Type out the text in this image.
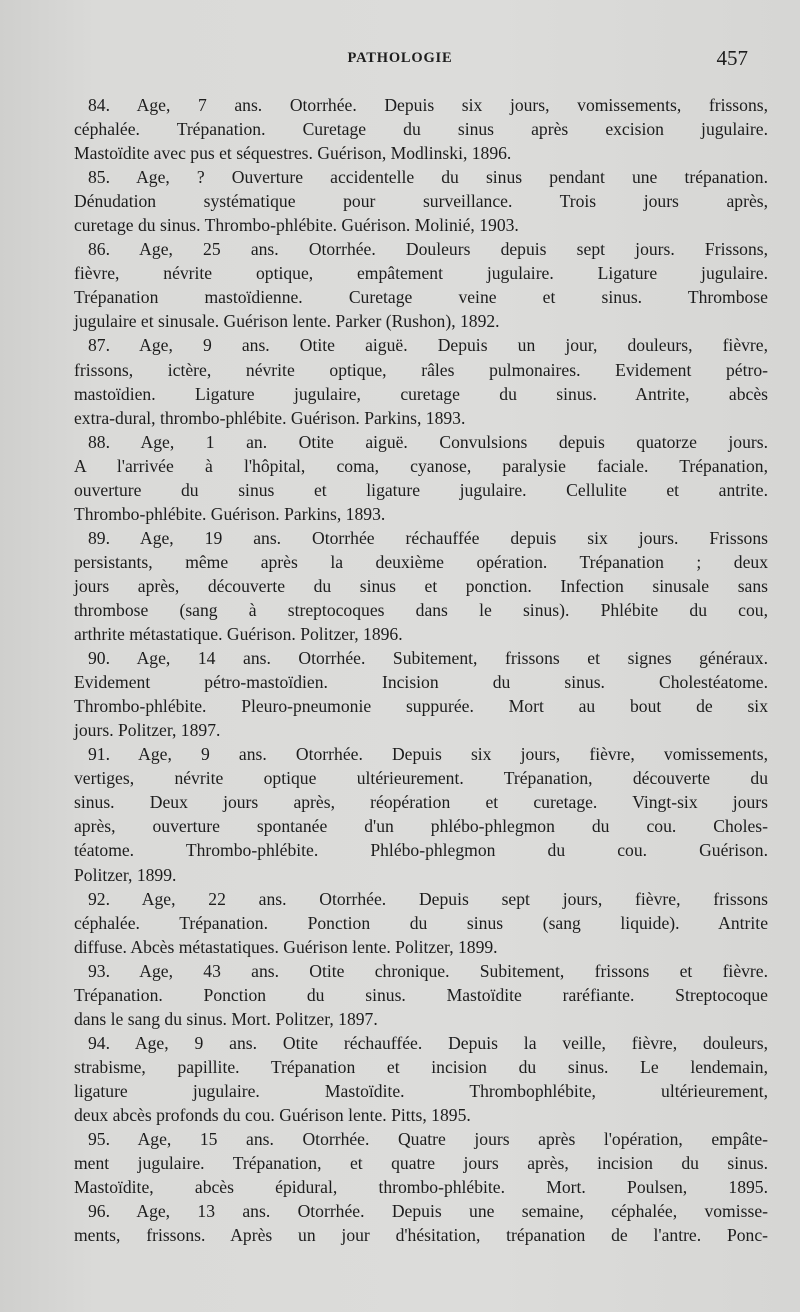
PATHOLOGIE	457
84. Age, 7 ans. Otorrhée. Depuis six jours, vomissements, frissons,
céphalée. Trépanation. Curetage du sinus après excision jugulaire.
Mastoïdite avec pus et séquestres. Guérison, Modlinski, 1896.
85. Age, ? Ouverture accidentelle du sinus pendant une trépanation.
Dénudation systématique pour surveillance. Trois jours après,
curetage du sinus. Thrombo-phlébite. Guérison. Molinié, 1903.
86. Age, 25 ans. Otorrhée. Douleurs depuis sept jours. Frissons,
fièvre, névrite optique, empâtement jugulaire. Ligature jugulaire.
Trépanation mastoïdienne. Curetage veine et sinus. Thrombose
jugulaire et sinusale. Guérison lente. Parker (Rushon), 1892.
87. Age, 9 ans. Otite aiguë. Depuis un jour, douleurs, fièvre,
frissons, ictère, névrite optique, râles pulmonaires. Evidement pétro-
mastoïdien. Ligature jugulaire, curetage du sinus. Antrite, abcès
extra-dural, thrombo-phlébite. Guérison. Parkins, 1893.
88. Age, 1 an. Otite aiguë. Convulsions depuis quatorze jours.
A l'arrivée à l'hôpital, coma, cyanose, paralysie faciale. Trépanation,
ouverture du sinus et ligature jugulaire. Cellulite et antrite.
Thrombo-phlébite. Guérison. Parkins, 1893.
89. Age, 19 ans. Otorrhée réchauffée depuis six jours. Frissons
persistants, même après la deuxième opération. Trépanation ; deux
jours après, découverte du sinus et ponction. Infection sinusale sans
thrombose (sang à streptocoques dans le sinus). Phlébite du cou,
arthrite métastatique. Guérison. Politzer, 1896.
90. Age, 14 ans. Otorrhée. Subitement, frissons et signes généraux.
Evidement pétro-mastoïdien. Incision du sinus. Cholestéatome.
Thrombo-phlébite. Pleuro-pneumonie suppurée. Mort au bout de six
jours. Politzer, 1897.
91. Age, 9 ans. Otorrhée. Depuis six jours, fièvre, vomissements,
vertiges, névrite optique ultérieurement. Trépanation, découverte du
sinus. Deux jours après, réopération et curetage. Vingt-six jours
après, ouverture spontanée d'un phlébo-phlegmon du cou. Choles-
téatome. Thrombo-phlébite. Phlébo-phlegmon du cou. Guérison.
Politzer, 1899.
92. Age, 22 ans. Otorrhée. Depuis sept jours, fièvre, frissons
céphalée. Trépanation. Ponction du sinus (sang liquide). Antrite
diffuse. Abcès métastatiques. Guérison lente. Politzer, 1899.
93. Age, 43 ans. Otite chronique. Subitement, frissons et fièvre.
Trépanation. Ponction du sinus. Mastoïdite raréfiante. Streptocoque
dans le sang du sinus. Mort. Politzer, 1897.
94. Age, 9 ans. Otite réchauffée. Depuis la veille, fièvre, douleurs,
strabisme, papillite. Trépanation et incision du sinus. Le lendemain,
ligature jugulaire. Mastoïdite. Thrombophlébite, ultérieurement,
deux abcès profonds du cou. Guérison lente. Pitts, 1895.
95. Age, 15 ans. Otorrhée. Quatre jours après l'opération, empâte-
ment jugulaire. Trépanation, et quatre jours après, incision du sinus.
Mastoïdite, abcès épidural, thrombo-phlébite. Mort. Poulsen, 1895.
96. Age, 13 ans. Otorrhée. Depuis une semaine, céphalée, vomisse-
ments, frissons. Après un jour d'hésitation, trépanation de l'antre. Ponc-
